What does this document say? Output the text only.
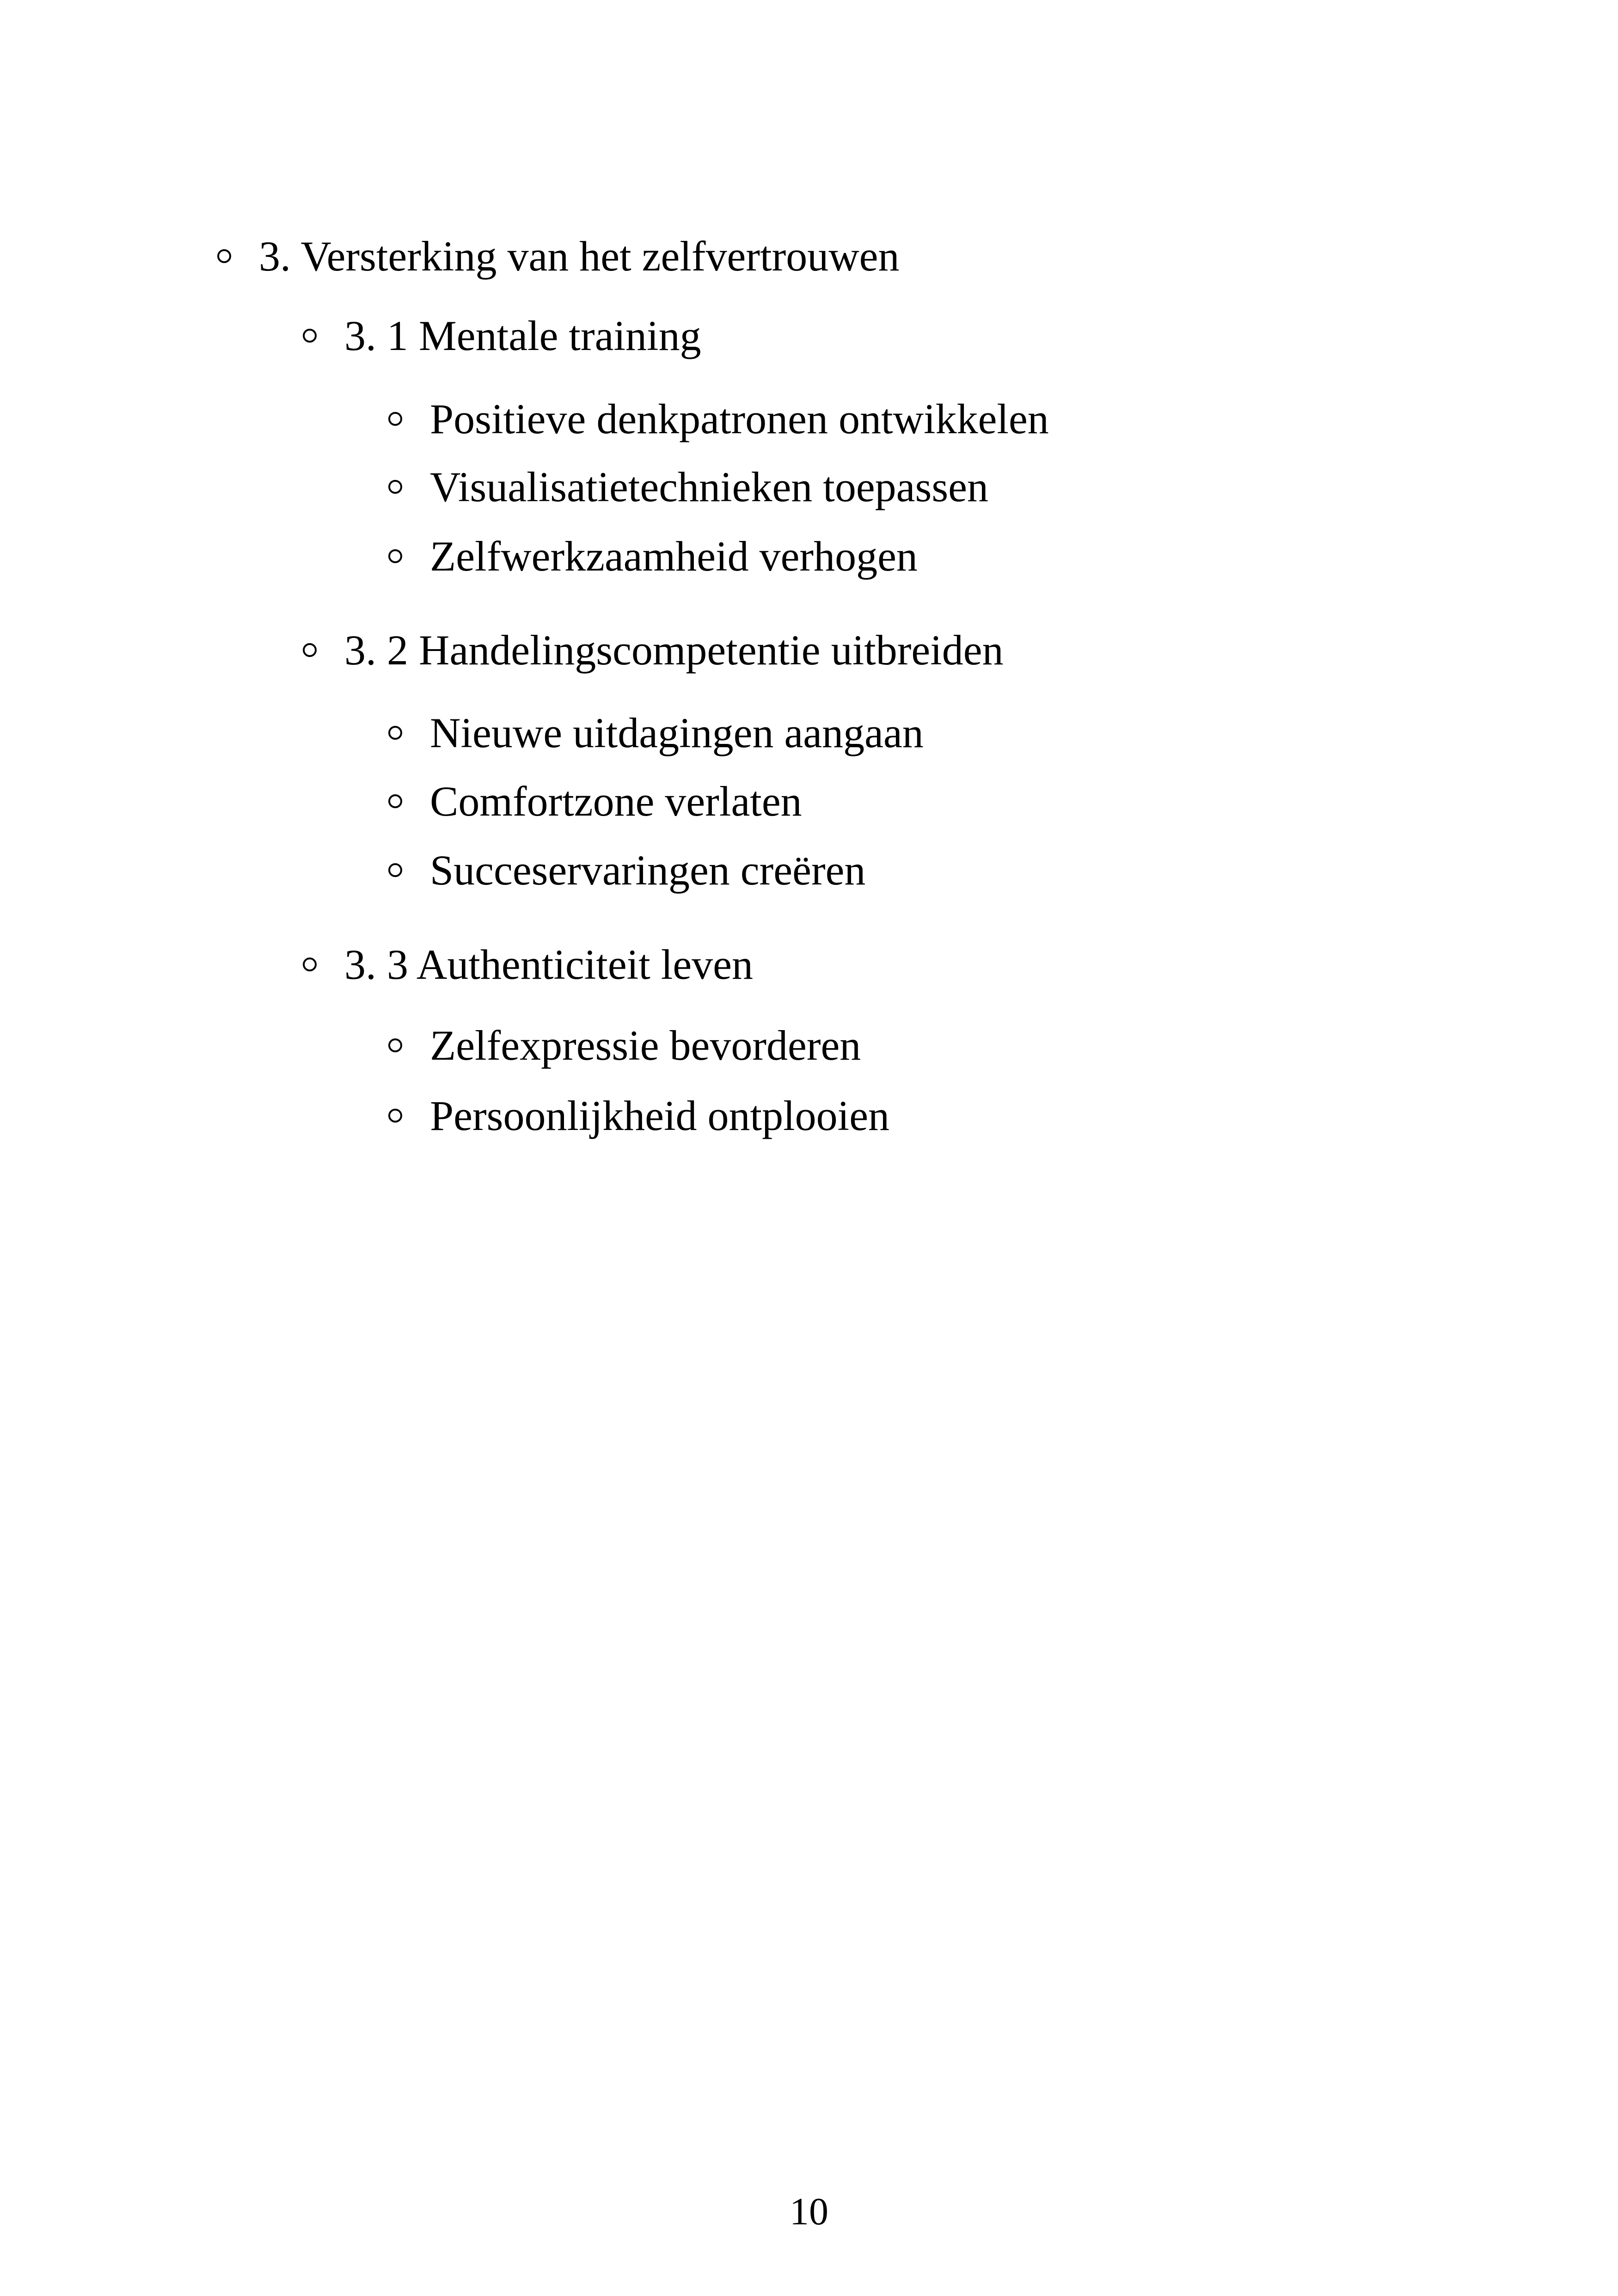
3. Versterking van het zelfvertrouwen
3. 1 Mentale training
Positieve denkpatronen ontwikkelen
Visualisatietechnieken toepassen
Zelfwerkzaamheid verhogen
3. 2 Handelingscompetentie uitbreiden
Nieuwe uitdagingen aangaan
Comfortzone verlaten
Succeservaringen creëren
3. 3 Authenticiteit leven
Zelfexpressie bevorderen
Persoonlijkheid ontplooien
10
